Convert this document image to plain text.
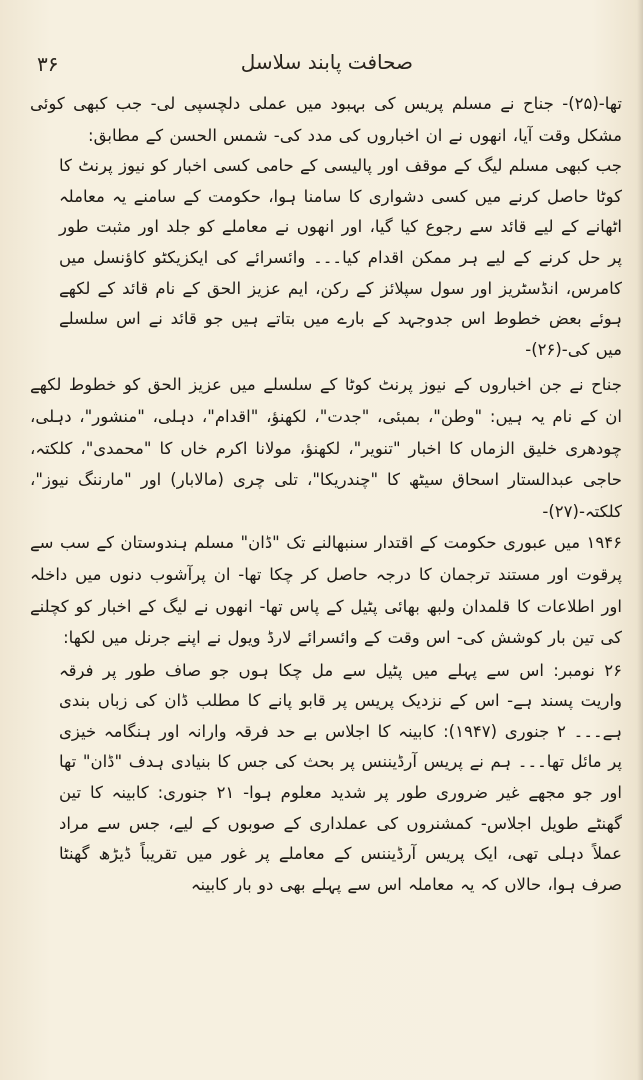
۳۶	صحافت پابند سلاسل

تھا-(۲۵)- جناح نے مسلم پریس کی بہبود میں عملی دلچسپی لی- جب کبھی کوئی مشکل وقت آیا، انھوں نے ان اخباروں کی مدد کی- شمس الحسن کے مطابق:

جب کبھی مسلم لیگ کے موقف اور پالیسی کے حامی کسی اخبار کو نیوز پرنٹ کا کوٹا حاصل کرنے میں کسی دشواری کا سامنا ہوا، حکومت کے سامنے یہ معاملہ اٹھانے کے لیے قائد سے رجوع کیا گیا، اور انھوں نے معاملے کو جلد اور مثبت طور پر حل کرنے کے لیے ہر ممکن اقدام کیا۔۔۔ وائسرائے کی ایکزیکٹو کاؤنسل میں کامرس، انڈسٹریز اور سول سپلائز کے رکن، ایم عزیز الحق کے نام قائد کے لکھے ہوئے بعض خطوط اس جدوجہد کے بارے میں بتاتے ہیں جو قائد نے اس سلسلے میں کی-(۲۶)-

جناح نے جن اخباروں کے نیوز پرنٹ کوٹا کے سلسلے میں عزیز الحق کو خطوط لکھے ان کے نام یہ ہیں: "وطن"، بمبئی، "جدت"، لکھنؤ، "اقدام"، دہلی، "منشور"، دہلی، چودھری خلیق الزماں کا اخبار "تنویر"، لکھنؤ، مولانا اکرم خاں کا "محمدی"، کلکتہ، حاجی عبدالستار اسحاق سیٹھ کا "چندریکا"، تلی چری (مالابار) اور "مارننگ نیوز"، کلکتہ-(۲۷)-

۱۹۴۶ میں عبوری حکومت کے اقتدار سنبھالنے تک "ڈان" مسلم ہندوستان کے سب سے پرقوت اور مستند ترجمان کا درجہ حاصل کر چکا تھا- ان پرآشوب دنوں میں داخلہ اور اطلاعات کا قلمدان ولبھ بھائی پٹیل کے پاس تھا- انھوں نے لیگ کے اخبار کو کچلنے کی تین بار کوشش کی- اس وقت کے وائسرائے لارڈ ویول نے اپنے جرنل میں لکھا:

۲۶ نومبر: اس سے پہلے میں پٹیل سے مل چکا ہوں جو صاف طور پر فرقہ واریت پسند ہے- اس کے نزدیک پریس پر قابو پانے کا مطلب ڈان کی زباں بندی ہے۔۔۔ ۲ جنوری (۱۹۴۷): کابینہ کا اجلاس بے حد فرقہ وارانہ اور ہنگامہ خیزی پر مائل تھا۔۔۔ ہم نے پریس آرڈیننس پر بحث کی جس کا بنیادی ہدف "ڈان" تھا اور جو مجھے غیر ضروری طور پر شدید معلوم ہوا- ۲۱ جنوری: کابینہ کا تین گھنٹے طویل اجلاس- کمشنروں کی عملداری کے صوبوں کے لیے، جس سے مراد عملاً دہلی تھی، ایک پریس آرڈیننس کے معاملے پر غور میں تقریباً ڈیڑھ گھنٹا صرف ہوا، حالاں کہ یہ معاملہ اس سے پہلے بھی دو بار کابینہ
